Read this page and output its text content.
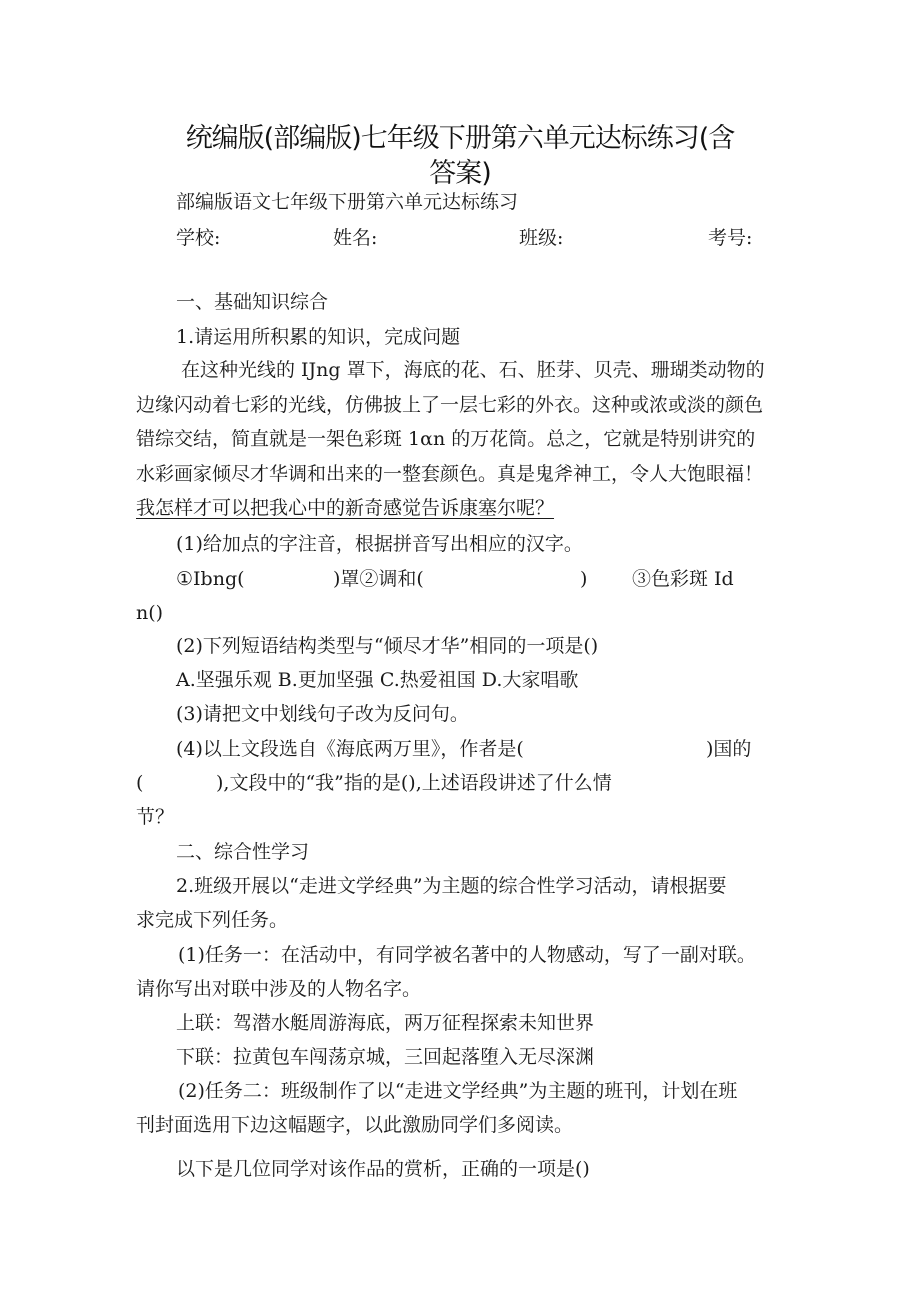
统编版(部编版)七年级下册第六单元达标练习(含
答案)
部编版语文七年级下册第六单元达标练习
学校:	姓名:	班级:	考号:
一、基础知识综合
1.请运用所积累的知识，完成问题
在这种光线的 IJng 罩下，海底的花、石、胚芽、贝壳、珊瑚类动物的
边缘闪动着七彩的光线，仿佛披上了一层七彩的外衣。这种或浓或淡的颜色
错综交结，简直就是一架色彩斑 1αn 的万花筒。总之，它就是特别讲究的
水彩画家倾尽才华调和出来的一整套颜色。真是鬼斧神工，令人大饱眼福！
我怎样才可以把我心中的新奇感觉告诉康塞尔呢？
(1)给加点的字注音，根据拼音写出相应的汉字。
①Ibng(	)罩②调和(	) ③色彩斑 Id
n()
(2)下列短语结构类型与“倾尽才华”相同的一项是()
A.坚强乐观 B.更加坚强 C.热爱祖国 D.大家唱歌
(3)请把文中划线句子改为反问句。
(4)以上文段选自《海底两万里》，作者是(	)国的
(	),文段中的“我”指的是(),上述语段讲述了什么情
节？
二、综合性学习
2.班级开展以“走进文学经典”为主题的综合性学习活动，请根据要
求完成下列任务。
(1)任务一：在活动中，有同学被名著中的人物感动，写了一副对联。
请你写出对联中涉及的人物名字。
上联：驾潜水艇周游海底，两万征程探索未知世界
下联：拉黄包车闯荡京城，三回起落堕入无尽深渊
(2)任务二：班级制作了以“走进文学经典”为主题的班刊，计划在班
刊封面选用下边这幅题字，以此激励同学们多阅读。
以下是几位同学对该作品的赏析，正确的一项是()
